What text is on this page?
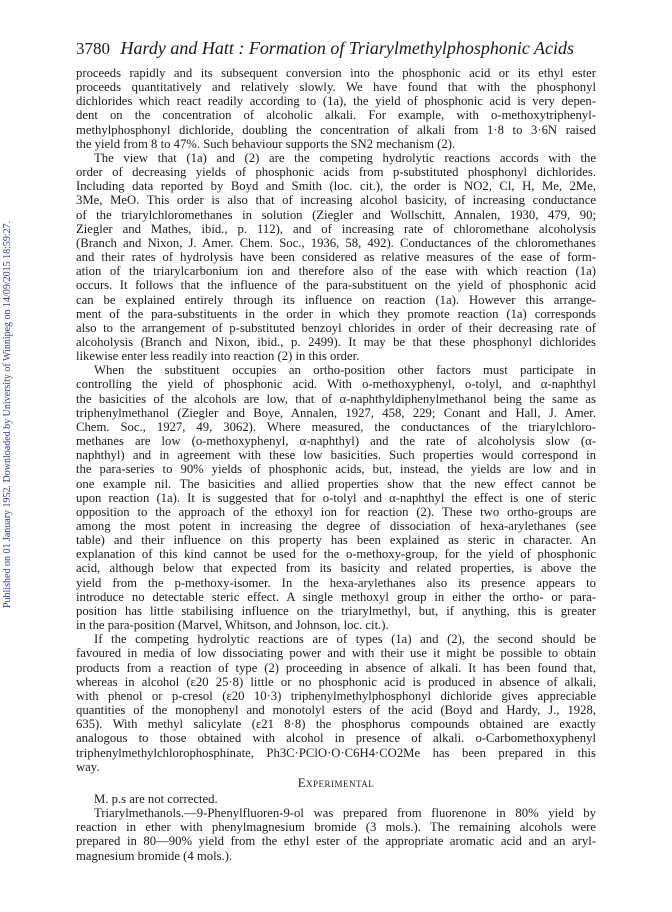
Published on 01 January 1952. Downloaded by University of Winnipeg on 14/09/2015 18:59:27.
3780 Hardy and Hatt : Formation of Triarylmethylphosphonic Acids
proceeds rapidly and its subsequent conversion into the phosphonic acid or its ethyl ester
proceeds quantitatively and relatively slowly. We have found that with the phosphonyl
dichlorides which react readily according to (1a), the yield of phosphonic acid is very depen-
dent on the concentration of alcoholic alkali. For example, with o-methoxytriphenyl-
methylphosphonyl dichloride, doubling the concentration of alkali from 1·8 to 3·6N raised
the yield from 8 to 47%. Such behaviour supports the SN2 mechanism (2).
The view that (1a) and (2) are the competing hydrolytic reactions accords with the
order of decreasing yields of phosphonic acids from p-substituted phosphonyl dichlorides.
Including data reported by Boyd and Smith (loc. cit.), the order is NO2, Cl, H, Me, 2Me,
3Me, MeO. This order is also that of increasing alcohol basicity, of increasing conductance
of the triarylchloromethanes in solution (Ziegler and Wollschitt, Annalen, 1930, 479, 90;
Ziegler and Mathes, ibid., p. 112), and of increasing rate of chloromethane alcoholysis
(Branch and Nixon, J. Amer. Chem. Soc., 1936, 58, 492). Conductances of the chloromethanes
and their rates of hydrolysis have been considered as relative measures of the ease of form-
ation of the triarylcarbonium ion and therefore also of the ease with which reaction (1a)
occurs. It follows that the influence of the para-substituent on the yield of phosphonic acid
can be explained entirely through its influence on reaction (1a). However this arrange-
ment of the para-substituents in the order in which they promote reaction (1a) corresponds
also to the arrangement of p-substituted benzoyl chlorides in order of their decreasing rate of
alcoholysis (Branch and Nixon, ibid., p. 2499). It may be that these phosphonyl dichlorides
likewise enter less readily into reaction (2) in this order.
When the substituent occupies an ortho-position other factors must participate in
controlling the yield of phosphonic acid. With o-methoxyphenyl, o-tolyl, and α-naphthyl
the basicities of the alcohols are low, that of α-naphthyldiphenylmethanol being the same as
triphenylmethanol (Ziegler and Boye, Annalen, 1927, 458, 229; Conant and Hall, J. Amer.
Chem. Soc., 1927, 49, 3062). Where measured, the conductances of the triarylchloro-
methanes are low (o-methoxyphenyl, α-naphthyl) and the rate of alcoholysis slow (α-
naphthyl) and in agreement with these low basicities. Such properties would correspond in
the para-series to 90% yields of phosphonic acids, but, instead, the yields are low and in
one example nil. The basicities and allied properties show that the new effect cannot be
upon reaction (1a). It is suggested that for o-tolyl and α-naphthyl the effect is one of steric
opposition to the approach of the ethoxyl ion for reaction (2). These two ortho-groups are
among the most potent in increasing the degree of dissociation of hexa-arylethanes (see
table) and their influence on this property has been explained as steric in character. An
explanation of this kind cannot be used for the o-methoxy-group, for the yield of phosphonic
acid, although below that expected from its basicity and related properties, is above the
yield from the p-methoxy-isomer. In the hexa-arylethanes also its presence appears to
introduce no detectable steric effect. A single methoxyl group in either the ortho- or para-
position has little stabilising influence on the triarylmethyl, but, if anything, this is greater
in the para-position (Marvel, Whitson, and Johnson, loc. cit.).
If the competing hydrolytic reactions are of types (1a) and (2), the second should be
favoured in media of low dissociating power and with their use it might be possible to obtain
products from a reaction of type (2) proceeding in absence of alkali. It has been found that,
whereas in alcohol (ε20 25·8) little or no phosphonic acid is produced in absence of alkali,
with phenol or p-cresol (ε20 10·3) triphenylmethylphosphonyl dichloride gives appreciable
quantities of the monophenyl and monotolyl esters of the acid (Boyd and Hardy, J., 1928,
635). With methyl salicylate (ε21 8·8) the phosphorus compounds obtained are exactly
analogous to those obtained with alcohol in presence of alkali. o-Carbomethoxyphenyl
triphenylmethylchlorophosphinate, Ph3C·PClO·O·C6H4·CO2Me has been prepared in this
way.
Experimental
M. p.s are not corrected.
Triarylmethanols.—9-Phenylfluoren-9-ol was prepared from fluorenone in 80% yield by
reaction in ether with phenylmagnesium bromide (3 mols.). The remaining alcohols were
prepared in 80—90% yield from the ethyl ester of the appropriate aromatic acid and an aryl-
magnesium bromide (4 mols.).
